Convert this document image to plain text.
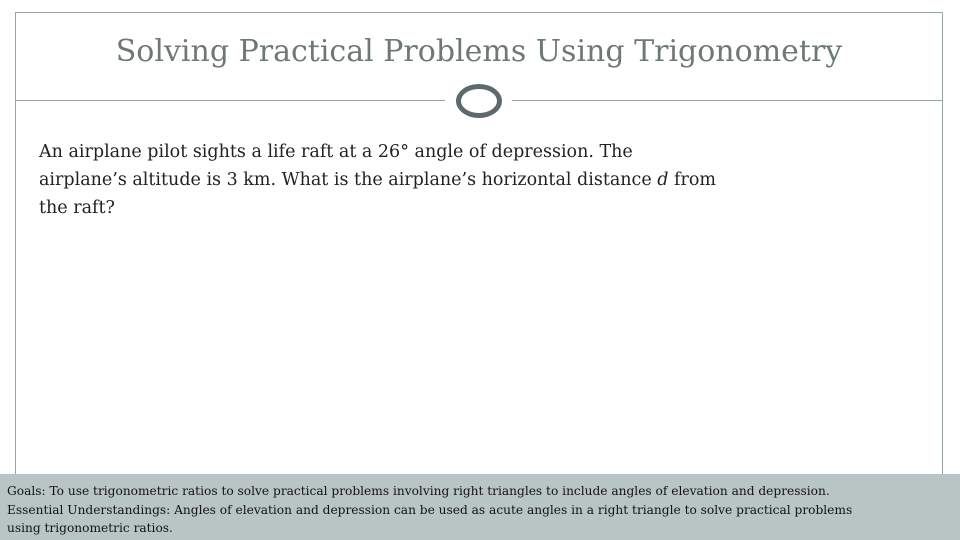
Solving Practical Problems Using Trigonometry

An airplane pilot sights a life raft at a 26° angle of depression. The

airplane’s altitude is 3 km. What is the airplane’s horizontal distance d from

the raft?

Goals: To use trigonometric ratios to solve practical problems involving right triangles to include angles of elevation and depression.
Essential Understandings: Angles of elevation and depression can be used as acute angles in a right triangle to solve practical problems
using trigonometric ratios.
